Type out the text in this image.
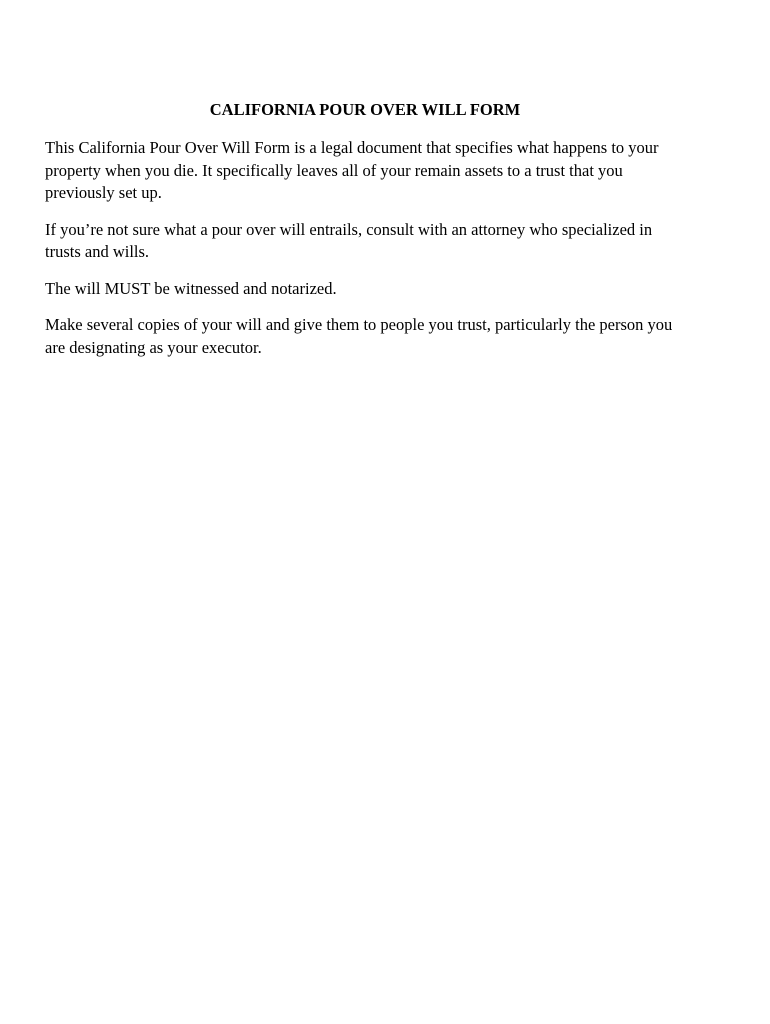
CALIFORNIA POUR OVER WILL FORM

This California Pour Over Will Form is a legal document that specifies what happens to your property when you die. It specifically leaves all of your remain assets to a trust that you previously set up.

If you’re not sure what a pour over will entrails, consult with an attorney who specialized in trusts and wills.

The will MUST be witnessed and notarized.

Make several copies of your will and give them to people you trust, particularly the person you are designating as your executor.
